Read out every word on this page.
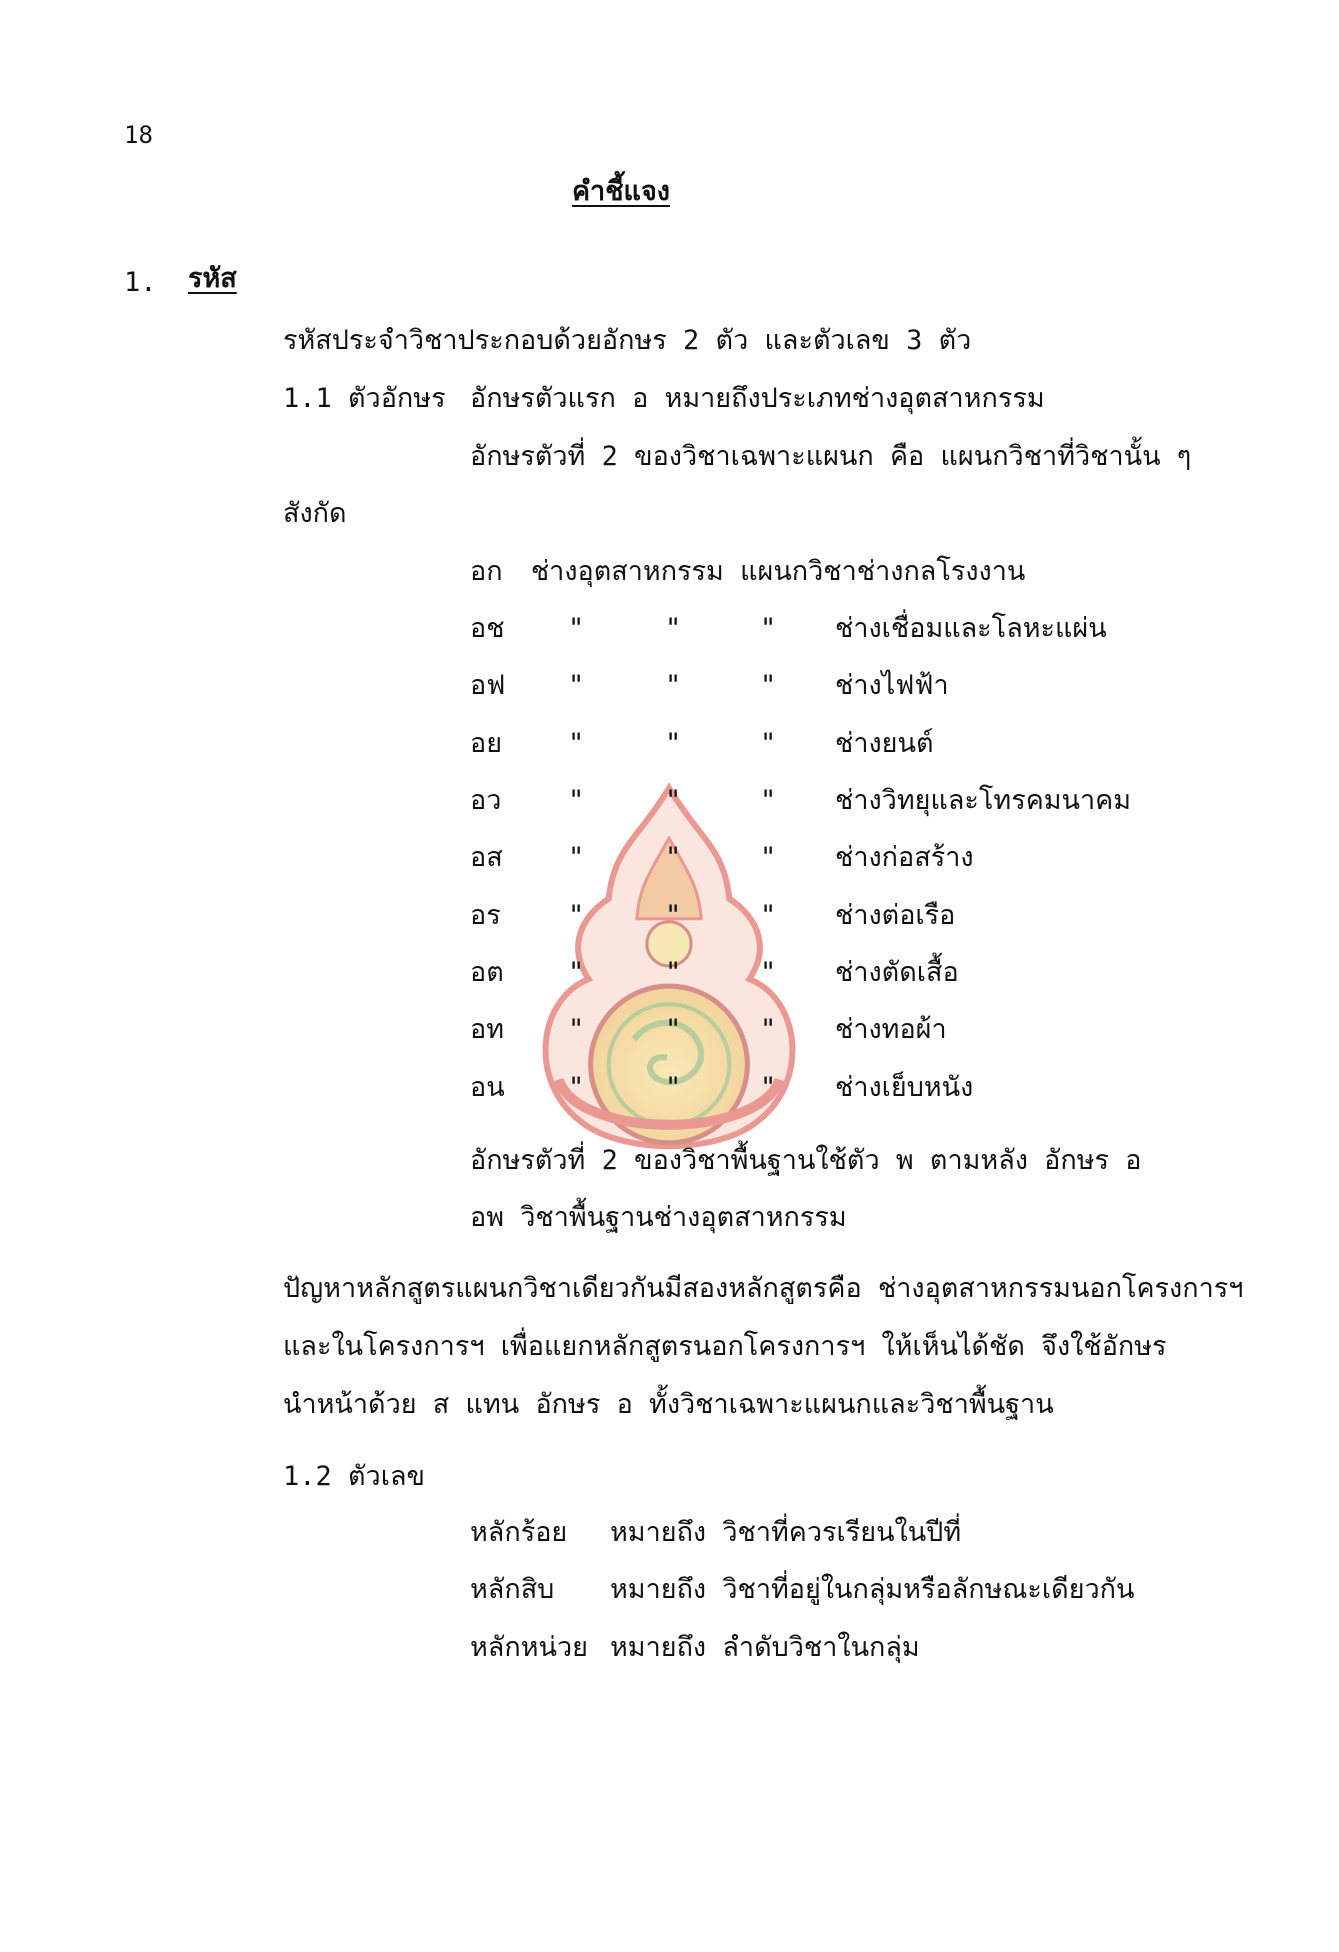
18
คำชี้แจง
1. รหัส
รหัสประจำวิชาประกอบด้วยอักษร 2 ตัว และตัวเลข 3 ตัว
1.1 ตัวอักษร อักษรตัวแรก อ หมายถึงประเภทช่างอุตสาหกรรม
อักษรตัวที่ 2 ของวิชาเฉพาะแผนก คือ แผนกวิชาที่วิชานั้น ๆ
สังกัด
อก ช่างอุตสาหกรรม แผนกวิชาช่างกลโรงงาน
อช "	"	" ช่างเชื่อมและโลหะแผ่น
อฟ "	"	" ช่างไฟฟ้า
อย "	"	" ช่างยนต์
อว "	"	" ช่างวิทยุและโทรคมนาคม
อส "	"	" ช่างก่อสร้าง
อร "	"	" ช่างต่อเรือ
อต "	"	" ช่างตัดเสื้อ
อท "	"	" ช่างทอผ้า
อน "	"	" ช่างเย็บหนัง
อักษรตัวที่ 2 ของวิชาพื้นฐานใช้ตัว พ ตามหลัง อักษร อ
อพ วิชาพื้นฐานช่างอุตสาหกรรม
ปัญหาหลักสูตรแผนกวิชาเดียวกันมีสองหลักสูตรคือ ช่างอุตสาหกรรมนอกโครงการฯ
และในโครงการฯ เพื่อแยกหลักสูตรนอกโครงการฯ ให้เห็นได้ชัด จึงใช้อักษร
นำหน้าด้วย ส แทน อักษร อ ทั้งวิชาเฉพาะแผนกและวิชาพื้นฐาน
1.2 ตัวเลข
หลักร้อย หมายถึง วิชาที่ควรเรียนในปีที่
หลักสิบ หมายถึง วิชาที่อยู่ในกลุ่มหรือลักษณะเดียวกัน
หลักหน่วย หมายถึง ลำดับวิชาในกลุ่ม
